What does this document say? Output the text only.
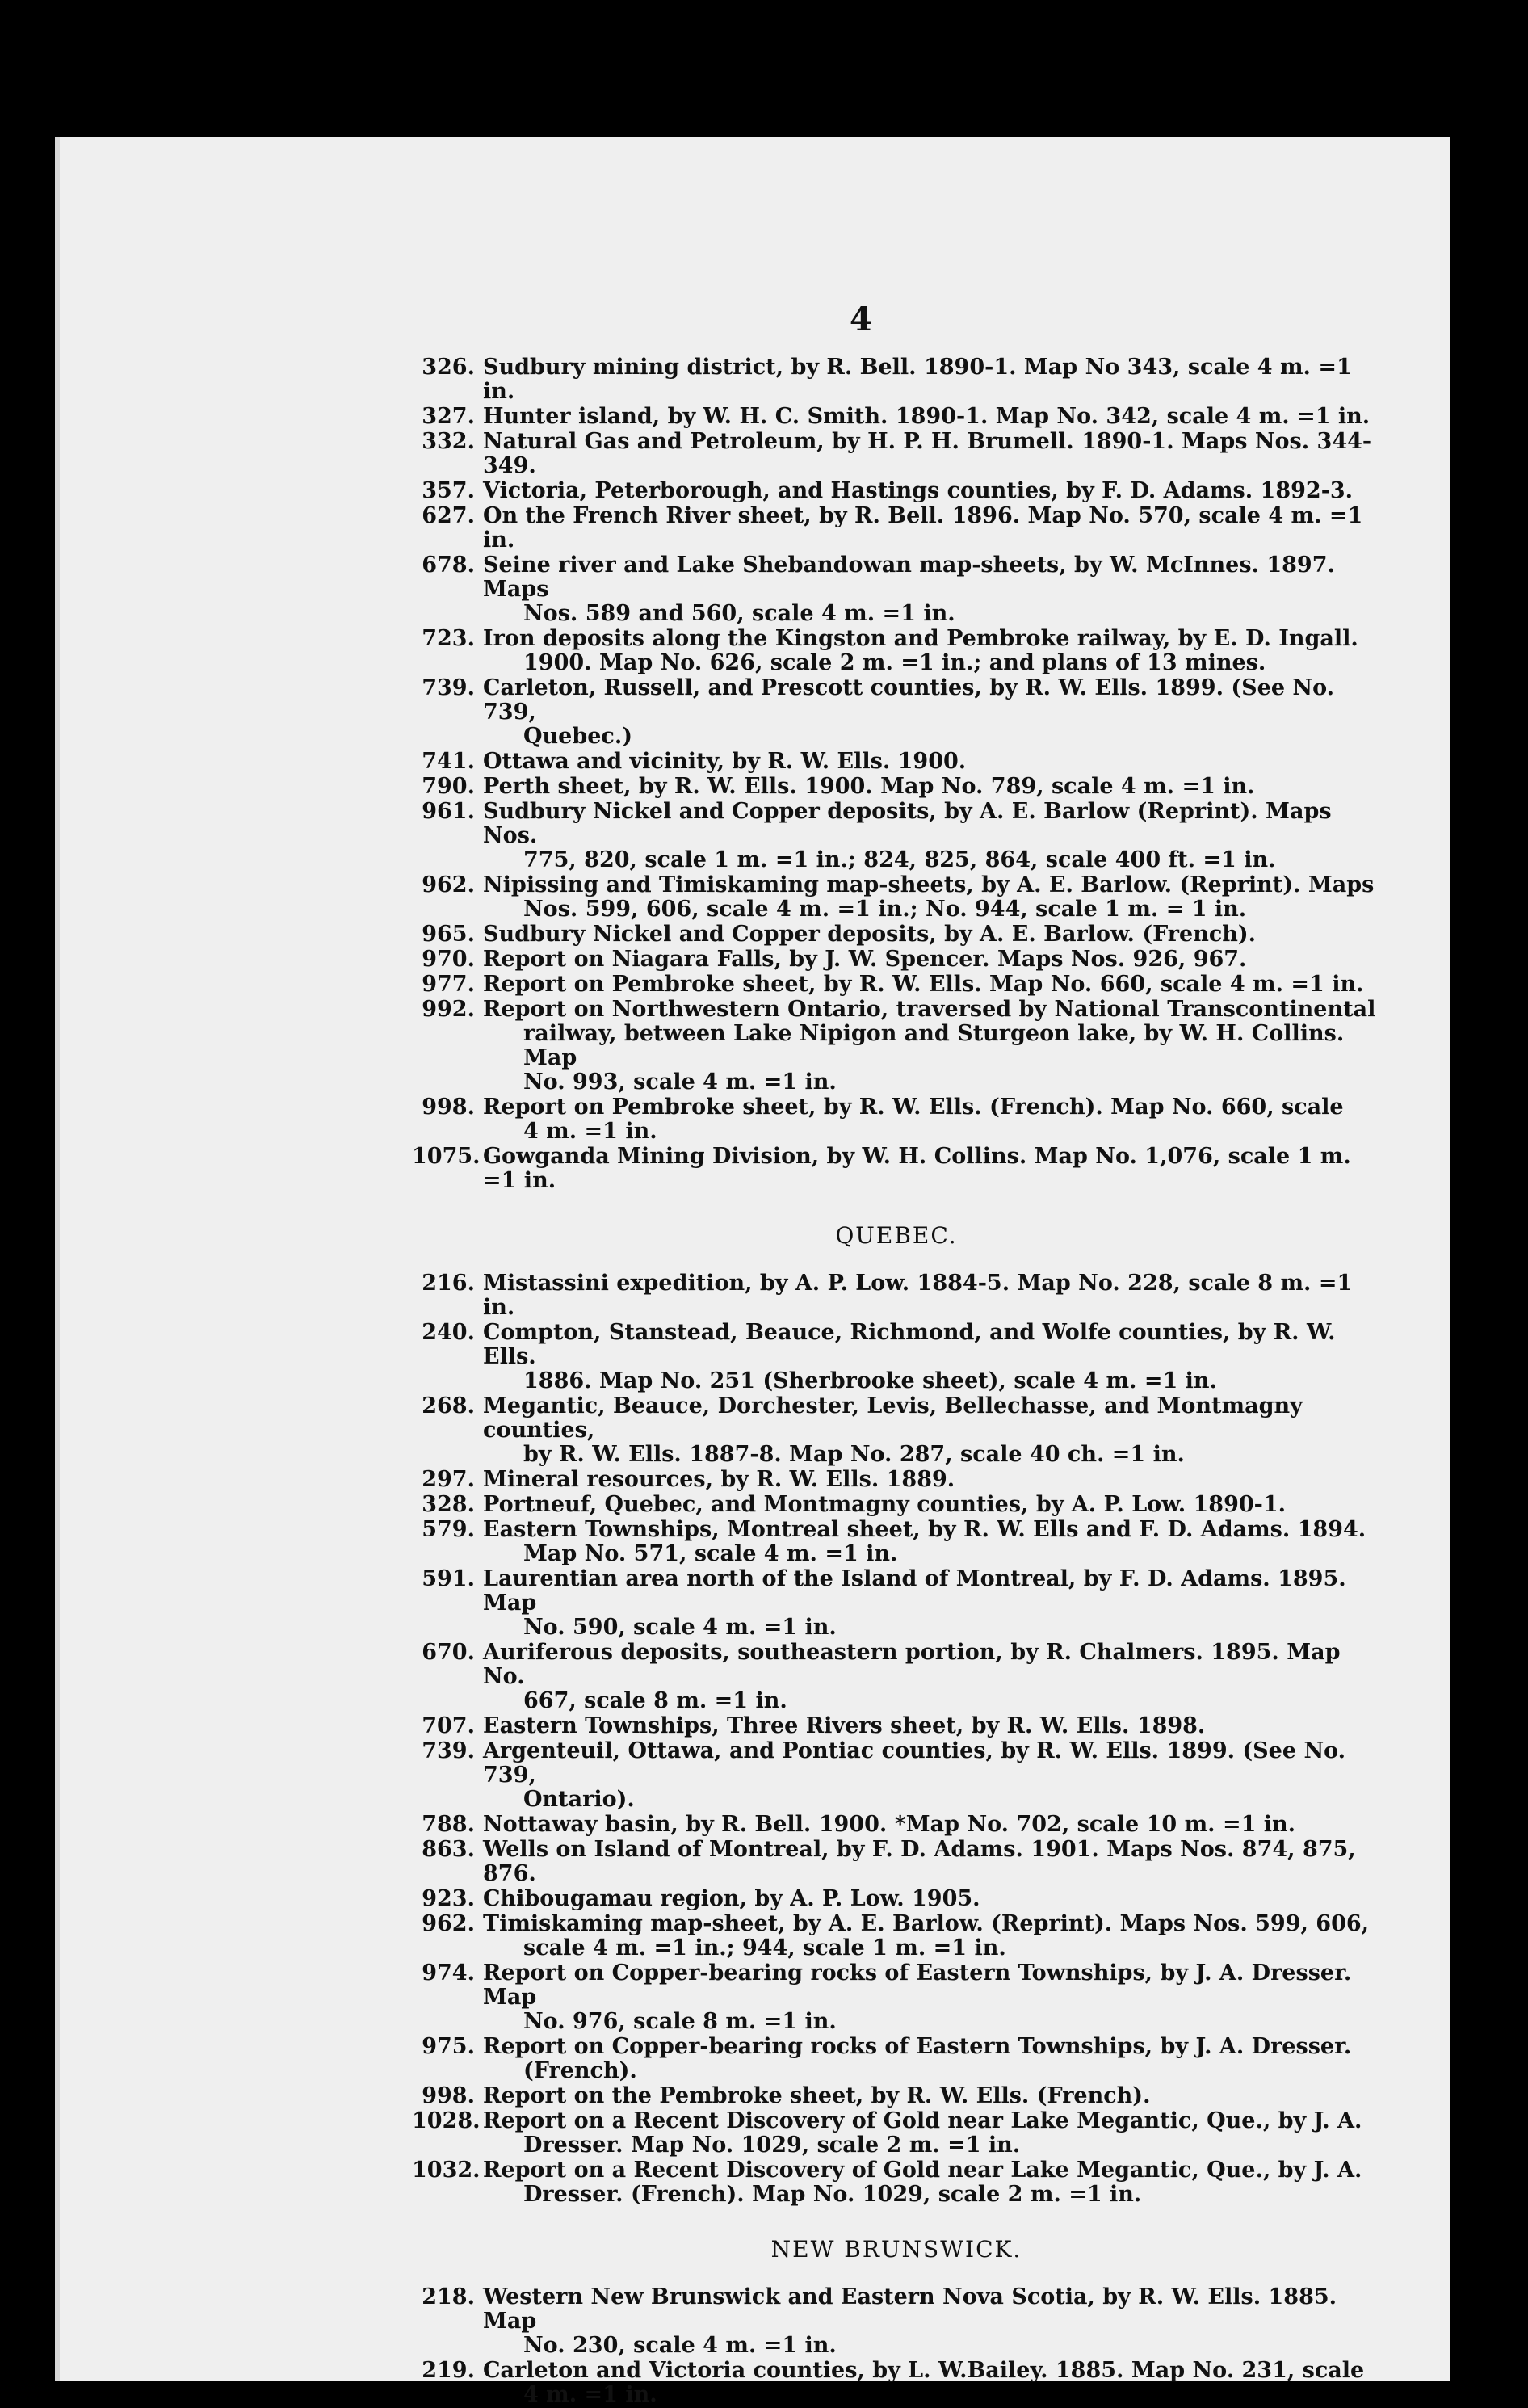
4
326. Sudbury mining district, by R. Bell. 1890-1. Map No 343, scale 4 m. =1 in.
327. Hunter island, by W. H. C. Smith. 1890-1. Map No. 342, scale 4 m. =1 in.
332. Natural Gas and Petroleum, by H. P. H. Brumell. 1890-1. Maps Nos. 344-349.
357. Victoria, Peterborough, and Hastings counties, by F. D. Adams. 1892-3.
627. On the French River sheet, by R. Bell. 1896. Map No. 570, scale 4 m. =1 in.
678. Seine river and Lake Shebandowan map-sheets, by W. McInnes. 1897. Maps
Nos. 589 and 560, scale 4 m. =1 in.
723. Iron deposits along the Kingston and Pembroke railway, by E. D. Ingall.
1900. Map No. 626, scale 2 m. =1 in.; and plans of 13 mines.
739. Carleton, Russell, and Prescott counties, by R. W. Ells. 1899. (See No. 739,
Quebec.)
741. Ottawa and vicinity, by R. W. Ells. 1900.
790. Perth sheet, by R. W. Ells. 1900. Map No. 789, scale 4 m. =1 in.
961. Sudbury Nickel and Copper deposits, by A. E. Barlow (Reprint). Maps Nos.
775, 820, scale 1 m. =1 in.; 824, 825, 864, scale 400 ft. =1 in.
962. Nipissing and Timiskaming map-sheets, by A. E. Barlow. (Reprint). Maps
Nos. 599, 606, scale 4 m. =1 in.; No. 944, scale 1 m. = 1 in.
965. Sudbury Nickel and Copper deposits, by A. E. Barlow. (French).
970. Report on Niagara Falls, by J. W. Spencer. Maps Nos. 926, 967.
977. Report on Pembroke sheet, by R. W. Ells. Map No. 660, scale 4 m. =1 in.
992. Report on Northwestern Ontario, traversed by National Transcontinental
railway, between Lake Nipigon and Sturgeon lake, by W. H. Collins. Map
No. 993, scale 4 m. =1 in.
998. Report on Pembroke sheet, by R. W. Ells. (French). Map No. 660, scale
4 m. =1 in.
1075. Gowganda Mining Division, by W. H. Collins. Map No. 1,076, scale 1 m. =1 in.
QUEBEC.
216. Mistassini expedition, by A. P. Low. 1884-5. Map No. 228, scale 8 m. =1 in.
240. Compton, Stanstead, Beauce, Richmond, and Wolfe counties, by R. W. Ells.
1886. Map No. 251 (Sherbrooke sheet), scale 4 m. =1 in.
268. Megantic, Beauce, Dorchester, Levis, Bellechasse, and Montmagny counties,
by R. W. Ells. 1887-8. Map No. 287, scale 40 ch. =1 in.
297. Mineral resources, by R. W. Ells. 1889.
328. Portneuf, Quebec, and Montmagny counties, by A. P. Low. 1890-1.
579. Eastern Townships, Montreal sheet, by R. W. Ells and F. D. Adams. 1894.
Map No. 571, scale 4 m. =1 in.
591. Laurentian area north of the Island of Montreal, by F. D. Adams. 1895. Map
No. 590, scale 4 m. =1 in.
670. Auriferous deposits, southeastern portion, by R. Chalmers. 1895. Map No.
667, scale 8 m. =1 in.
707. Eastern Townships, Three Rivers sheet, by R. W. Ells. 1898.
739. Argenteuil, Ottawa, and Pontiac counties, by R. W. Ells. 1899. (See No. 739,
Ontario).
788. Nottaway basin, by R. Bell. 1900. *Map No. 702, scale 10 m. =1 in.
863. Wells on Island of Montreal, by F. D. Adams. 1901. Maps Nos. 874, 875, 876.
923. Chibougamau region, by A. P. Low. 1905.
962. Timiskaming map-sheet, by A. E. Barlow. (Reprint). Maps Nos. 599, 606,
scale 4 m. =1 in.; 944, scale 1 m. =1 in.
974. Report on Copper-bearing rocks of Eastern Townships, by J. A. Dresser. Map
No. 976, scale 8 m. =1 in.
975. Report on Copper-bearing rocks of Eastern Townships, by J. A. Dresser.
(French).
998. Report on the Pembroke sheet, by R. W. Ells. (French).
1028. Report on a Recent Discovery of Gold near Lake Megantic, Que., by J. A.
Dresser. Map No. 1029, scale 2 m. =1 in.
1032. Report on a Recent Discovery of Gold near Lake Megantic, Que., by J. A.
Dresser. (French). Map No. 1029, scale 2 m. =1 in.
NEW BRUNSWICK.
218. Western New Brunswick and Eastern Nova Scotia, by R. W. Ells. 1885. Map
No. 230, scale 4 m. =1 in.
219. Carleton and Victoria counties, by L. W.Bailey. 1885. Map No. 231, scale
4 m. =1 in.
